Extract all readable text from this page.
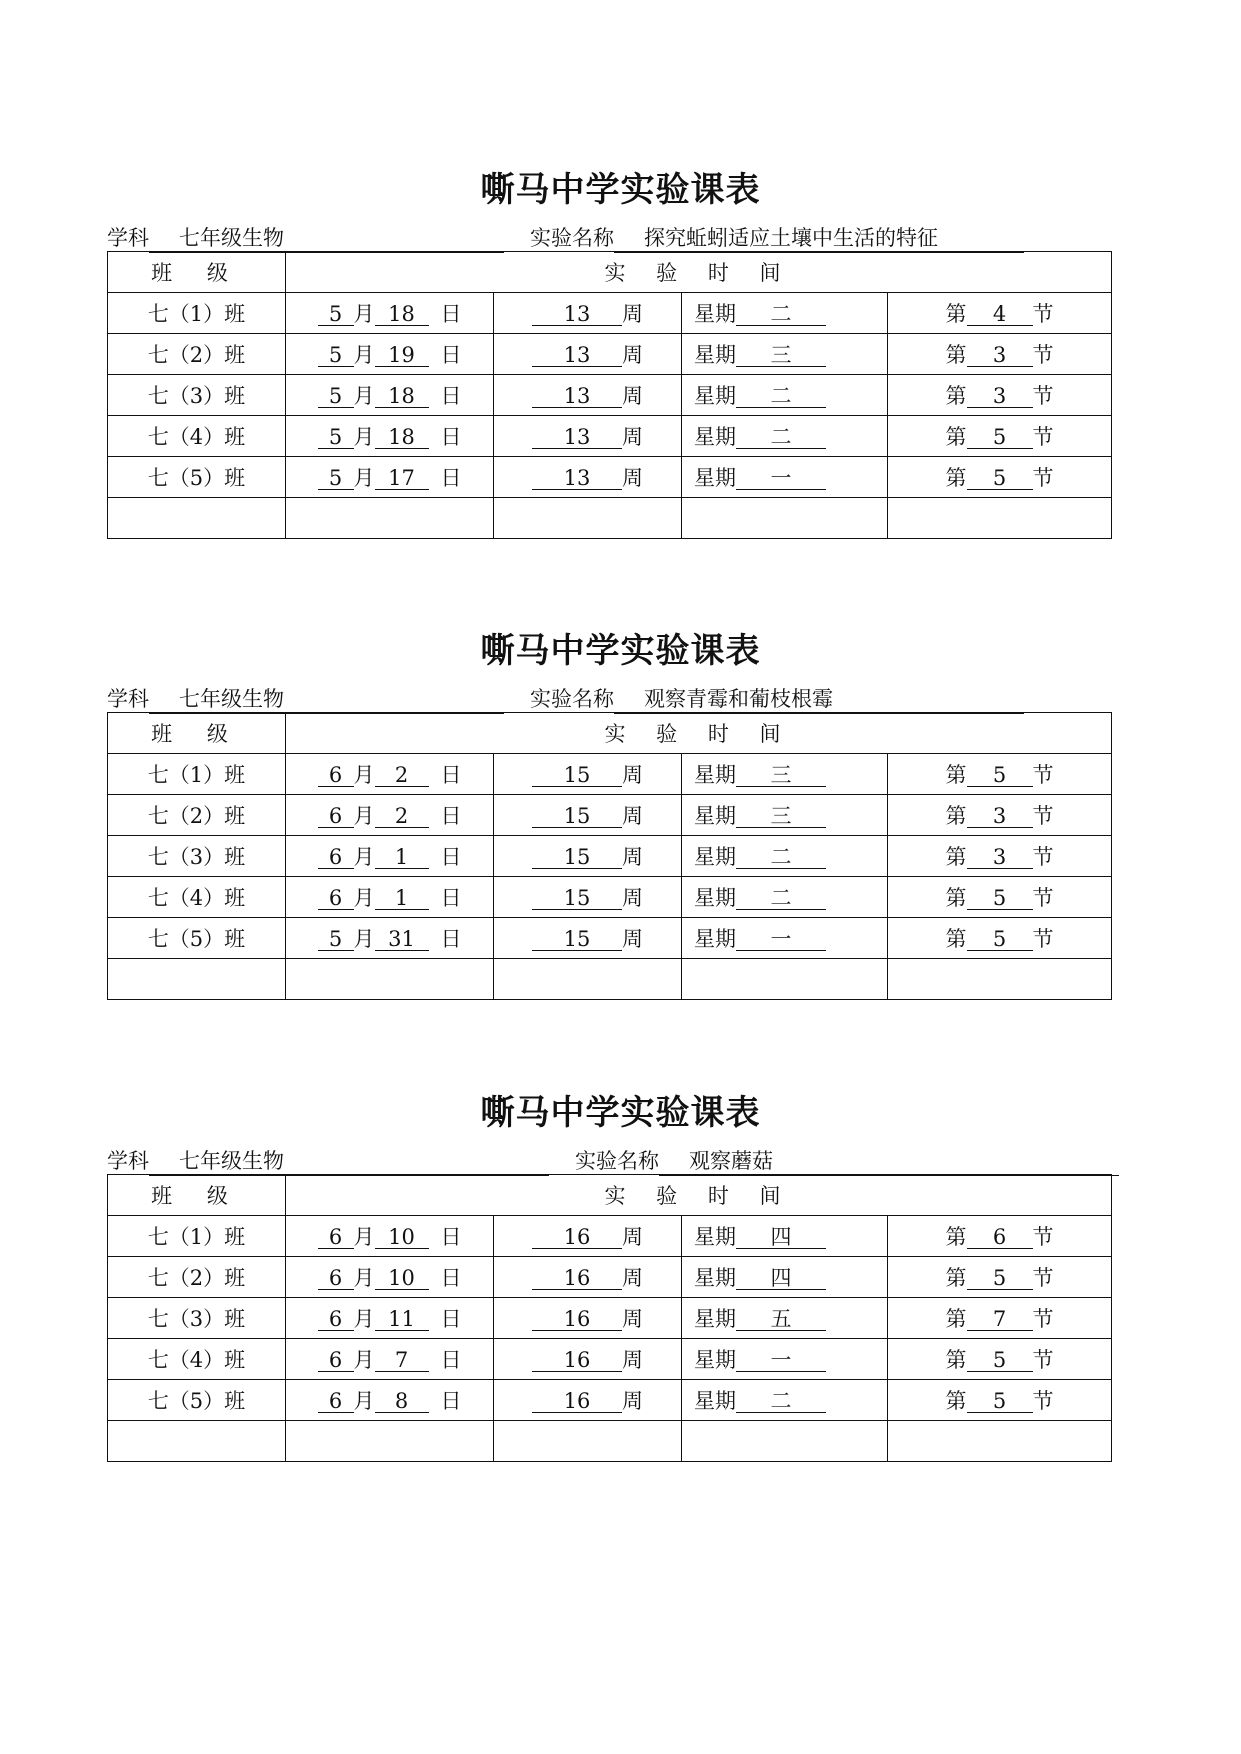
嘶马中学实验课表
学科 七年级生物	实验名称 探究蚯蚓适应土壤中生活的特征
班 级	实 验 时 间			
七（1）班	5 月 18 日	13 周	星期 二	第 4 节
七（2）班	5 月 19 日	13 周	星期 三	第 3 节
七（3）班	5 月 18 日	13 周	星期 二	第 3 节
七（4）班	5 月 18 日	13 周	星期 二	第 5 节
七（5）班	5 月 17 日	13 周	星期 一	第 5 节

嘶马中学实验课表
学科 七年级生物	实验名称 观察青霉和葡枝根霉
班 级	实 验 时 间			
七（1）班	6 月 2 日	15 周	星期 三	第 5 节
七（2）班	6 月 2 日	15 周	星期 三	第 3 节
七（3）班	6 月 1 日	15 周	星期 二	第 3 节
七（4）班	6 月 1 日	15 周	星期 二	第 5 节
七（5）班	5 月 31 日	15 周	星期 一	第 5 节

嘶马中学实验课表
学科 七年级生物	实验名称 观察蘑菇
班 级	实 验 时 间			
七（1）班	6 月 10 日	16 周	星期 四	第 6 节
七（2）班	6 月 10 日	16 周	星期 四	第 5 节
七（3）班	6 月 11 日	16 周	星期 五	第 7 节
七（4）班	6 月 7 日	16 周	星期 一	第 5 节
七（5）班	6 月 8 日	16 周	星期 二	第 5 节
